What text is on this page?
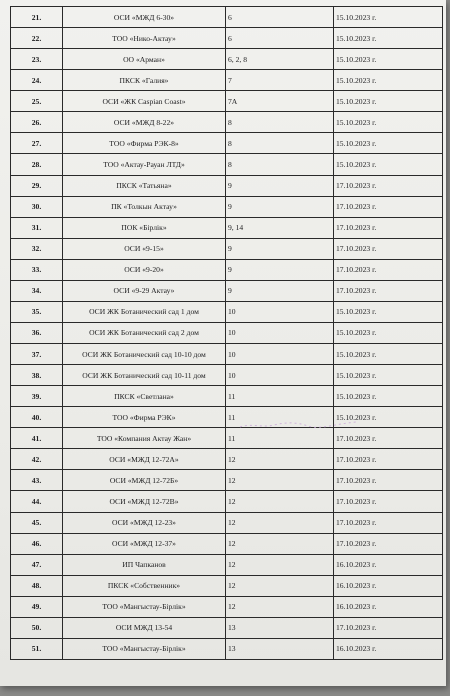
21.	ОСИ «МЖД 6-30»	6	15.10.2023 г.
22.	ТОО «Нико-Актау»	6	15.10.2023 г.
23.	ОО «Арман»	6, 2, 8	15.10.2023 г.
24.	ПКСК «Галия»	7	15.10.2023 г.
25.	ОСИ «ЖК Caspian Coast»	7А	15.10.2023 г.
26.	ОСИ «МЖД 8-22»	8	15.10.2023 г.
27.	ТОО «Фирма РЭК-8»	8	15.10.2023 г.
28.	ТОО «Актау-Рауан ЛТД»	8	15.10.2023 г.
29.	ПКСК «Татьяна»	9	17.10.2023 г.
30.	ПК «Толкын Актау»	9	17.10.2023 г.
31.	ПОК «Бірлік»	9, 14	17.10.2023 г.
32.	ОСИ «9-15»	9	17.10.2023 г.
33.	ОСИ «9-20»	9	17.10.2023 г.
34.	ОСИ «9-29 Актау»	9	17.10.2023 г.
35.	ОСИ ЖК Ботанический сад 1 дом	10	15.10.2023 г.
36.	ОСИ ЖК Ботанический сад 2 дом	10	15.10.2023 г.
37.	ОСИ ЖК Ботанический сад 10-10 дом	10	15.10.2023 г.
38.	ОСИ ЖК Ботанический сад 10-11 дом	10	15.10.2023 г.
39.	ПКСК «Светлана»	11	15.10.2023 г.
40.	ТОО «Фирма РЭК»	11	15.10.2023 г.
41.	ТОО «Компания Актау Жан»	11	17.10.2023 г.
42.	ОСИ «МЖД 12-72А»	12	17.10.2023 г.
43.	ОСИ «МЖД 12-72Б»	12	17.10.2023 г.
44.	ОСИ «МЖД 12-72В»	12	17.10.2023 г.
45.	ОСИ «МЖД 12-23»	12	17.10.2023 г.
46.	ОСИ «МЖД 12-37»	12	17.10.2023 г.
47.	ИП Чапканов	12	16.10.2023 г.
48.	ПКСК «Собственник»	12	16.10.2023 г.
49.	ТОО «Мангыстау-Бірлік»	12	16.10.2023 г.
50.	ОСИ МЖД 13-54	13	17.10.2023 г.
51.	ТОО «Мангыстау-Бірлік»	13	16.10.2023 г.
